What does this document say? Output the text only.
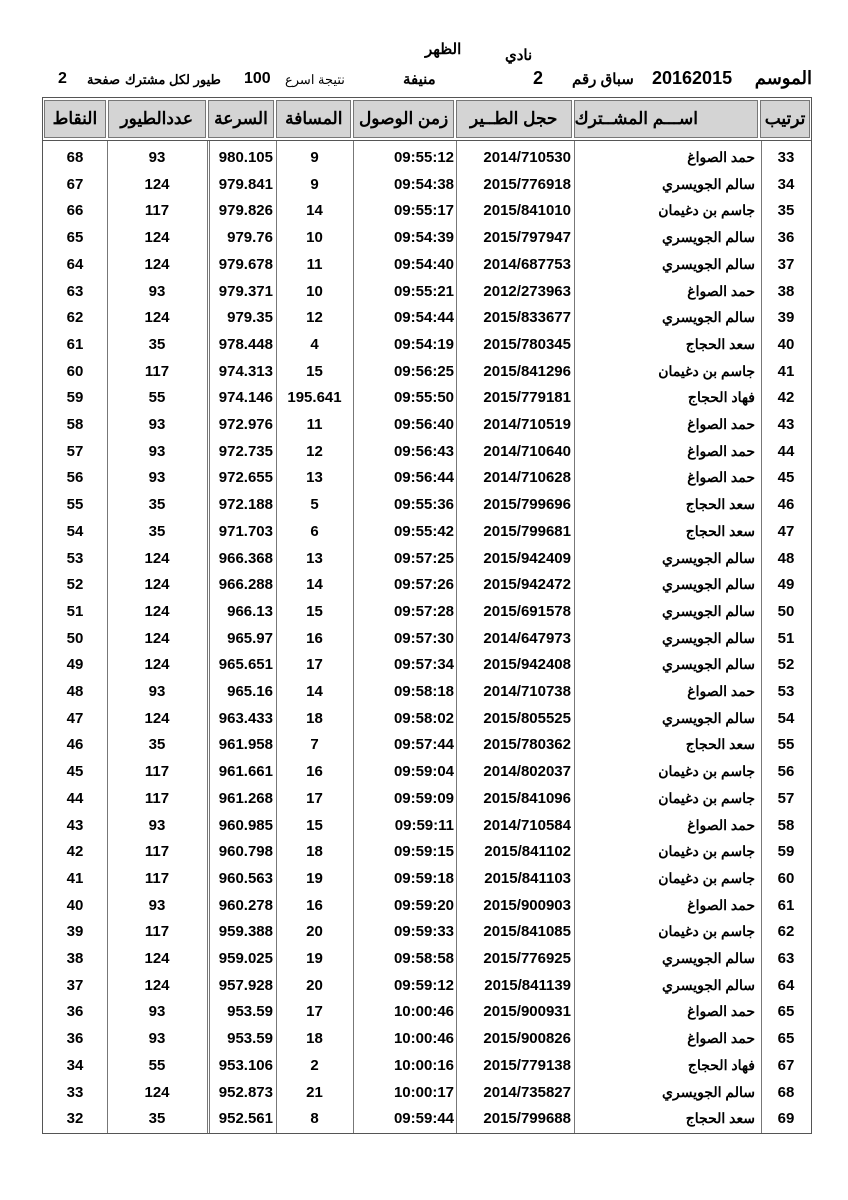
نادي
الظهر
الموسم
20162015
سباق رقم
2
منيفة
نتيجة اسرع
100
طيور لكل مشترك
صفحة
2
النقاط	عددالطيور	السرعة	المسافة زمن الوصول	حجل الطــير	اســـم المشــترك	ترتيب
68	93	980.105	9	09:55:12 2014/710530	حمد الصواغ	33
67	124	979.841	9	09:54:38 2015/776918	سالم الجويسري	34
66	117	979.826	14	09:55:17 2015/841010	جاسم بن دغيمان	35
65	124	979.76	10	09:54:39 2015/797947	سالم الجويسري	36
64	124	979.678	11	09:54:40 2014/687753	سالم الجويسري	37
63	93	979.371	10	09:55:21 2012/273963	حمد الصواغ	38
62	124	979.35	12	09:54:44 2015/833677	سالم الجويسري	39
61	35	978.448	4	09:54:19 2015/780345	سعد الحجاج	40
60	117	974.313	15	09:56:25 2015/841296	جاسم بن دغيمان	41
59	55	974.146 195.641	09:55:50 2015/779181	فهاد الحجاج	42
58	93	972.976	11	09:56:40 2014/710519	حمد الصواغ	43
57	93	972.735	12	09:56:43 2014/710640	حمد الصواغ	44
56	93	972.655	13	09:56:44 2014/710628	حمد الصواغ	45
55	35	972.188	5	09:55:36 2015/799696	سعد الحجاج	46
54	35	971.703	6	09:55:42 2015/799681	سعد الحجاج	47
53	124	966.368	13	09:57:25 2015/942409	سالم الجويسري	48
52	124	966.288	14	09:57:26 2015/942472	سالم الجويسري	49
51	124	966.13	15	09:57:28 2015/691578	سالم الجويسري	50
50	124	965.97	16	09:57:30 2014/647973	سالم الجويسري	51
49	124	965.651	17	09:57:34 2015/942408	سالم الجويسري	52
48	93	965.16	14	09:58:18 2014/710738	حمد الصواغ	53
47	124	963.433	18	09:58:02 2015/805525	سالم الجويسري	54
46	35	961.958	7	09:57:44 2015/780362	سعد الحجاج	55
45	117	961.661	16	09:59:04 2014/802037	جاسم بن دغيمان	56
44	117	961.268	17	09:59:09 2015/841096	جاسم بن دغيمان	57
43	93	960.985	15	09:59:11 2014/710584	حمد الصواغ	58
42	117	960.798	18	09:59:15 2015/841102	جاسم بن دغيمان	59
41	117	960.563	19	09:59:18 2015/841103	جاسم بن دغيمان	60
40	93	960.278	16	09:59:20 2015/900903	حمد الصواغ	61
39	117	959.388	20	09:59:33 2015/841085	جاسم بن دغيمان	62
38	124	959.025	19	09:58:58 2015/776925	سالم الجويسري	63
37	124	957.928	20	09:59:12 2015/841139	سالم الجويسري	64
36	93	953.59	17	10:00:46 2015/900931	حمد الصواغ	65
36	93	953.59	18	10:00:46 2015/900826	حمد الصواغ	65
34	55	953.106	2	10:00:16 2015/779138	فهاد الحجاج	67
33	124	952.873	21	10:00:17 2014/735827	سالم الجويسري	68
32	35	952.561	8	09:59:44 2015/799688	سعد الحجاج	69
